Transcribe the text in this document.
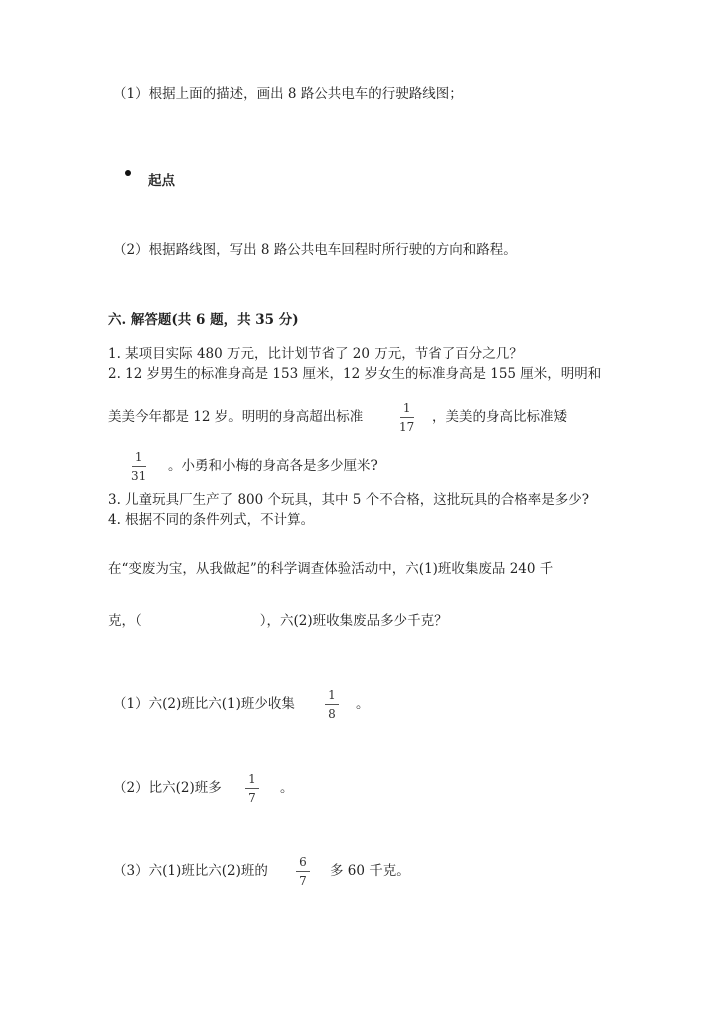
（1）根据上面的描述，画出 8 路公共电车的行驶路线图；
起点
（2）根据路线图，写出 8 路公共电车回程时所行驶的方向和路程。
六. 解答题(共 6 题，共 35 分)
1. 某项目实际 480 万元，比计划节省了 20 万元，节省了百分之几？
2. 12 岁男生的标准身高是 153 厘米，12 岁女生的标准身高是 155 厘米，明明和
美美今年都是 12 岁。明明的身高超出标准
1
17
，美美的身高比标准矮
1
31
。小勇和小梅的身高各是多少厘米?
3. 儿童玩具厂生产了 800 个玩具，其中 5 个不合格，这批玩具的合格率是多少?
4. 根据不同的条件列式，不计算。
在“变废为宝，从我做起”的科学调查体验活动中，六(1)班收集废品 240 千
克，（	），六(2)班收集废品多少千克？
（1）六(2)班比六(1)班少收集
1
8
。
（2）比六(2)班多
1
7
。
（3）六(1)班比六(2)班的
6
7
多 60 千克。
